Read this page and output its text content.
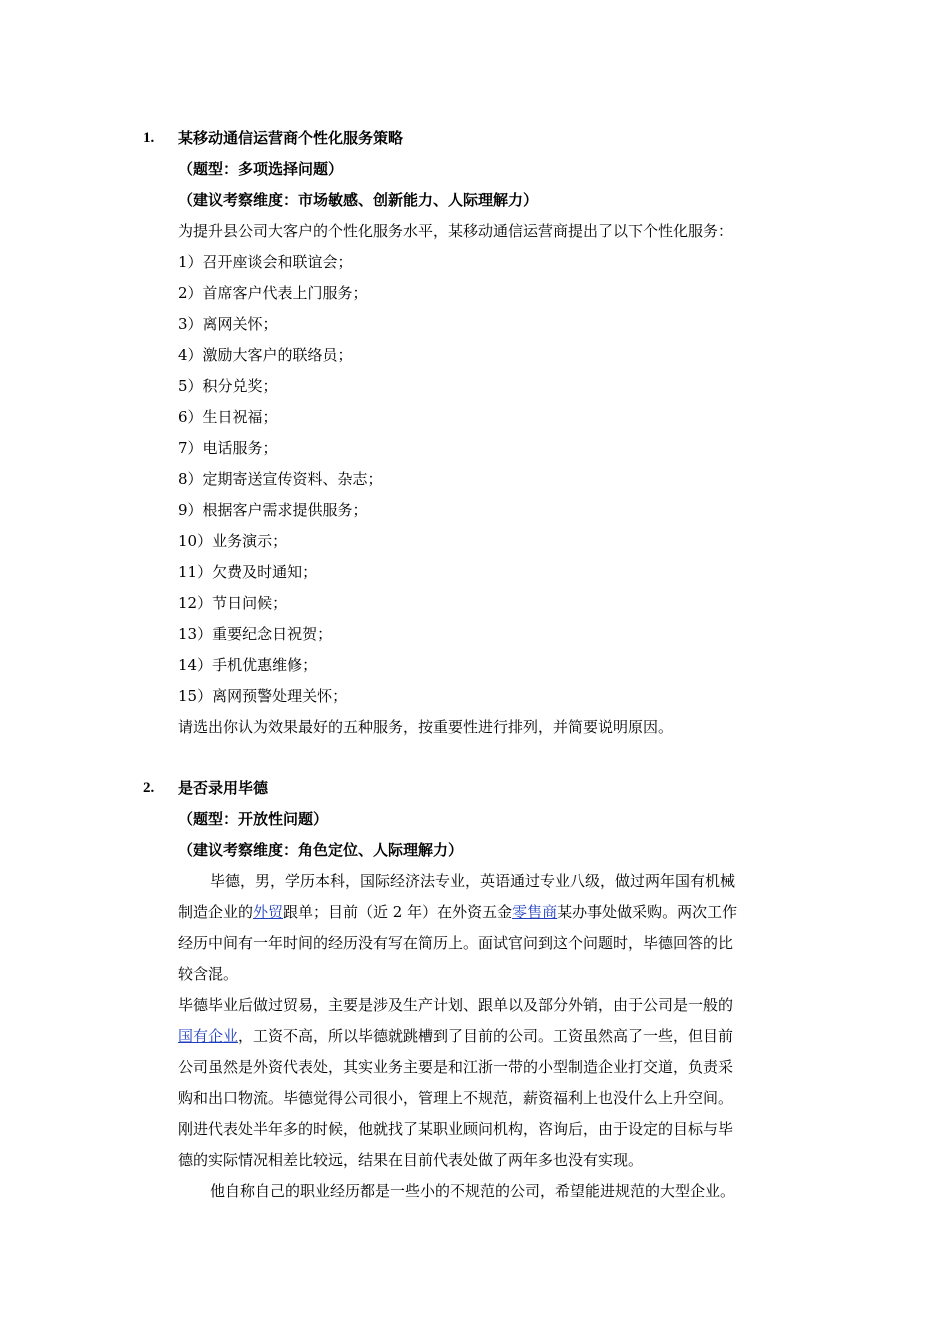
1. 某移动通信运营商个性化服务策略
（题型：多项选择问题）
（建议考察维度：市场敏感、创新能力、人际理解力）
为提升县公司大客户的个性化服务水平，某移动通信运营商提出了以下个性化服务：
1）召开座谈会和联谊会；
2）首席客户代表上门服务；
3）离网关怀；
4）激励大客户的联络员；
5）积分兑奖；
6）生日祝福；
7）电话服务；
8）定期寄送宣传资料、杂志；
9）根据客户需求提供服务；
10）业务演示；
11）欠费及时通知；
12）节日问候；
13）重要纪念日祝贺；
14）手机优惠维修；
15）离网预警处理关怀；
请选出你认为效果最好的五种服务，按重要性进行排列，并简要说明原因。
2. 是否录用毕德
（题型：开放性问题）
（建议考察维度：角色定位、人际理解力）
毕德，男，学历本科，国际经济法专业，英语通过专业八级，做过两年国有机械
制造企业的外贸跟单；目前（近 2 年）在外资五金零售商某办事处做采购。两次工作
经历中间有一年时间的经历没有写在简历上。面试官问到这个问题时，毕德回答的比
较含混。
毕德毕业后做过贸易，主要是涉及生产计划、跟单以及部分外销，由于公司是一般的
国有企业，工资不高，所以毕德就跳槽到了目前的公司。工资虽然高了一些，但目前
公司虽然是外资代表处，其实业务主要是和江浙一带的小型制造企业打交道，负责采
购和出口物流。毕德觉得公司很小，管理上不规范，薪资福利上也没什么上升空间。
刚进代表处半年多的时候，他就找了某职业顾问机构，咨询后，由于设定的目标与毕
德的实际情况相差比较远，结果在目前代表处做了两年多也没有实现。
他自称自己的职业经历都是一些小的不规范的公司，希望能进规范的大型企业。
